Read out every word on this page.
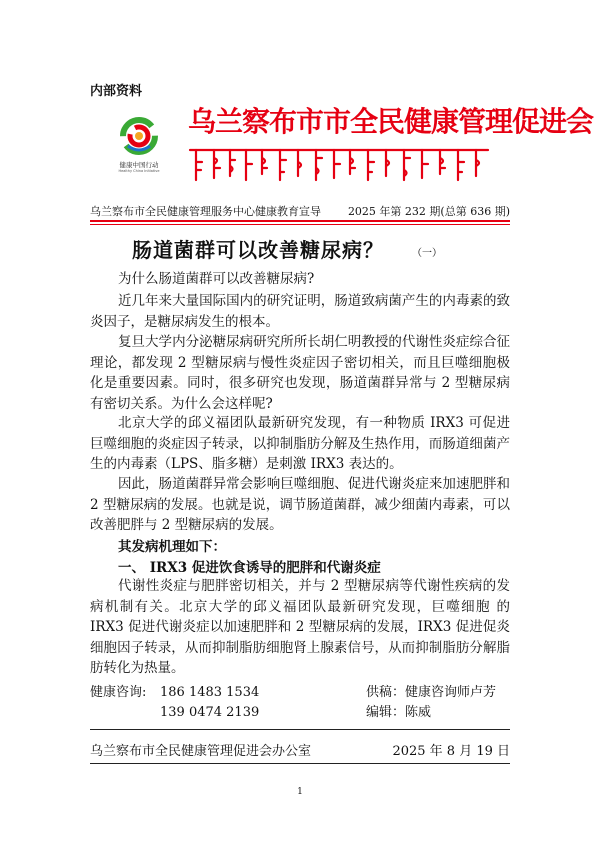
内部资料
健康中国行动
Healthy China Initiative
乌兰察布市市全民健康管理促进会
乌兰察布市全民健康管理服务中心健康教育宣导 2025 年第 232 期(总第 636 期)
肠道菌群可以改善糖尿病？	（一）
为什么肠道菌群可以改善糖尿病?
近几年来大量国际国内的研究证明，肠道致病菌产生的内毒素的致炎因子，是糖尿病发生的根本。
复旦大学内分泌糖尿病研究所所长胡仁明教授的代谢性炎症综合征理论，都发现 2 型糖尿病与慢性炎症因子密切相关，而且巨噬细胞极化是重要因素。同时，很多研究也发现，肠道菌群异常与 2 型糖尿病有密切关系。为什么会这样呢?
北京大学的邱义福团队最新研究发现，有一种物质 IRX3 可促进巨噬细胞的炎症因子转录，以抑制脂肪分解及生热作用，而肠道细菌产生的内毒素（LPS、脂多糖）是刺激 IRX3 表达的。
因此，肠道菌群异常会影响巨噬细胞、促进代谢炎症来加速肥胖和 2 型糖尿病的发展。也就是说，调节肠道菌群，减少细菌内毒素，可以改善肥胖与 2 型糖尿病的发展。
其发病机理如下：
一、 IRX3 促进饮食诱导的肥胖和代谢炎症
代谢性炎症与肥胖密切相关，并与 2 型糖尿病等代谢性疾病的发病机制有关。北京大学的邱义福团队最新研究发现，巨噬细胞 的 IRX3 促进代谢炎症以加速肥胖和 2 型糖尿病的发展，IRX3 促进促炎细胞因子转录，从而抑制脂肪细胞肾上腺素信号，从而抑制脂肪分解脂肪转化为热量。
健康咨询: 186 1483 1534
139 0474 2139
供稿：健康咨询师卢芳
编辑：陈威
乌兰察布市全民健康管理促进会办公室	2025 年 8 月 19 日
1
